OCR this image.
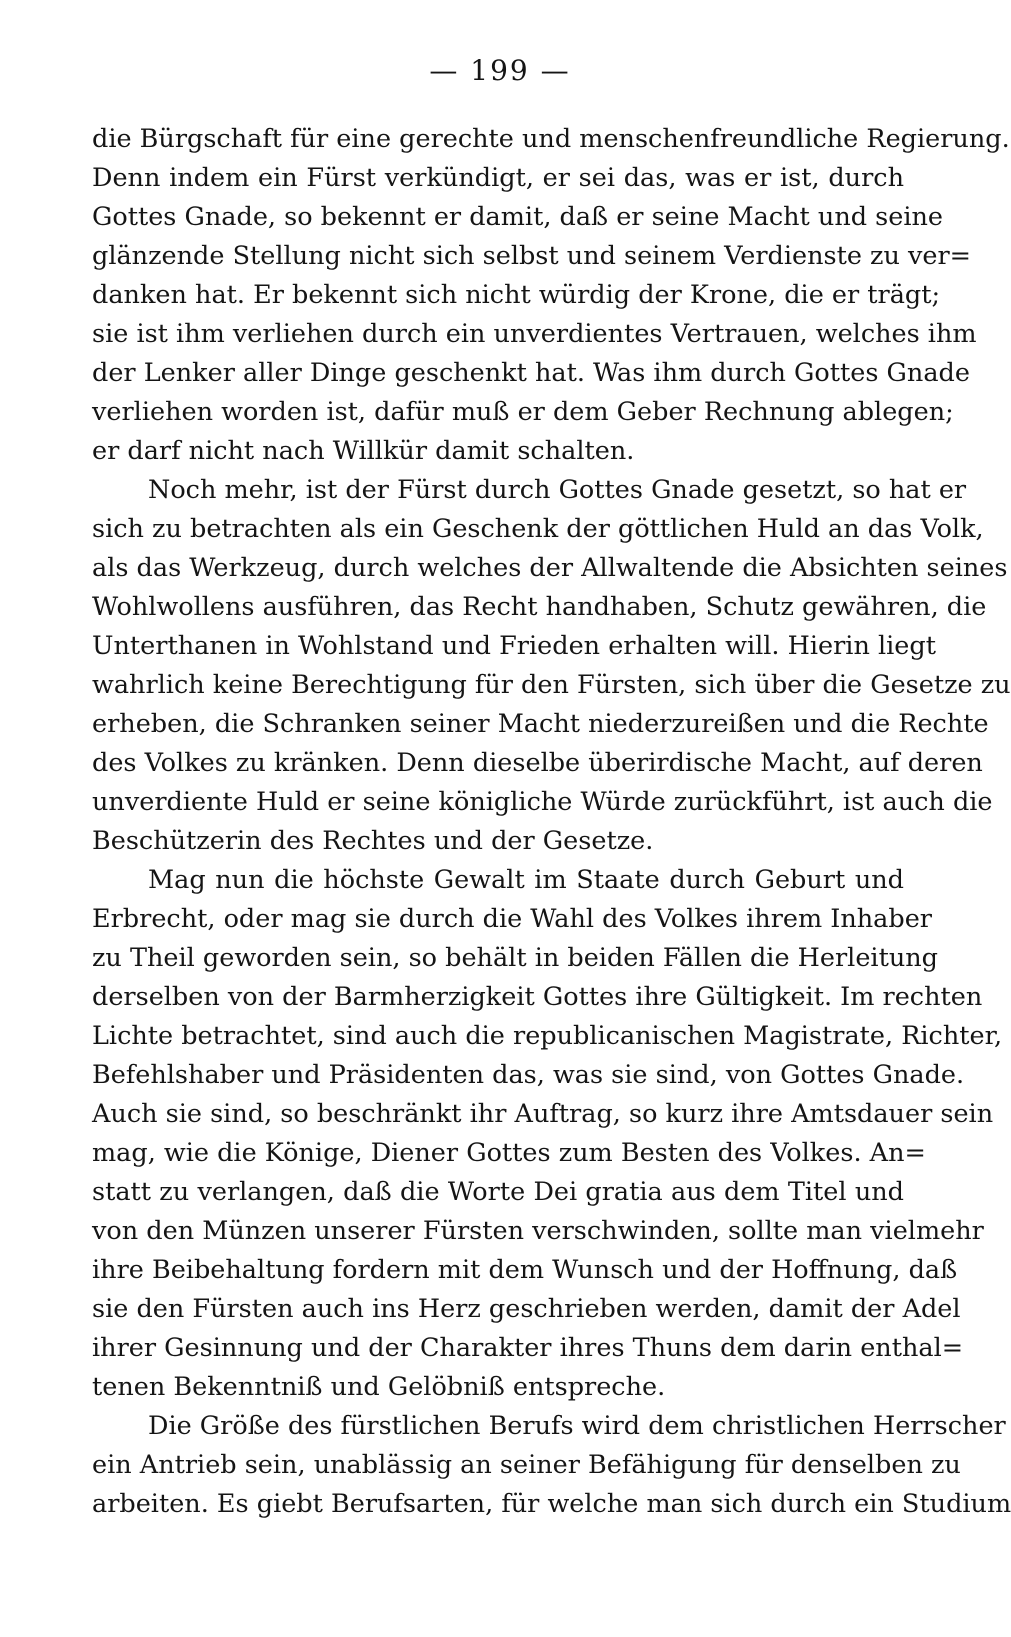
— 199 —
die Bürgschaft für eine gerechte und menschenfreundliche Regierung.
Denn indem ein Fürst verkündigt, er sei das, was er ist, durch
Gottes Gnade, so bekennt er damit, daß er seine Macht und seine
glänzende Stellung nicht sich selbst und seinem Verdienste zu ver=
danken hat. Er bekennt sich nicht würdig der Krone, die er trägt;
sie ist ihm verliehen durch ein unverdientes Vertrauen, welches ihm
der Lenker aller Dinge geschenkt hat. Was ihm durch Gottes Gnade
verliehen worden ist, dafür muß er dem Geber Rechnung ablegen;
er darf nicht nach Willkür damit schalten.
Noch mehr, ist der Fürst durch Gottes Gnade gesetzt, so hat er
sich zu betrachten als ein Geschenk der göttlichen Huld an das Volk,
als das Werkzeug, durch welches der Allwaltende die Absichten seines
Wohlwollens ausführen, das Recht handhaben, Schutz gewähren, die
Unterthanen in Wohlstand und Frieden erhalten will. Hierin liegt
wahrlich keine Berechtigung für den Fürsten, sich über die Gesetze zu
erheben, die Schranken seiner Macht niederzureißen und die Rechte
des Volkes zu kränken. Denn dieselbe überirdische Macht, auf deren
unverdiente Huld er seine königliche Würde zurückführt, ist auch die
Beschützerin des Rechtes und der Gesetze.
Mag nun die höchste Gewalt im Staate durch Geburt und
Erbrecht, oder mag sie durch die Wahl des Volkes ihrem Inhaber
zu Theil geworden sein, so behält in beiden Fällen die Herleitung
derselben von der Barmherzigkeit Gottes ihre Gültigkeit. Im rechten
Lichte betrachtet, sind auch die republicanischen Magistrate, Richter,
Befehlshaber und Präsidenten das, was sie sind, von Gottes Gnade.
Auch sie sind, so beschränkt ihr Auftrag, so kurz ihre Amtsdauer sein
mag, wie die Könige, Diener Gottes zum Besten des Volkes. An=
statt zu verlangen, daß die Worte Dei gratia aus dem Titel und
von den Münzen unserer Fürsten verschwinden, sollte man vielmehr
ihre Beibehaltung fordern mit dem Wunsch und der Hoffnung, daß
sie den Fürsten auch ins Herz geschrieben werden, damit der Adel
ihrer Gesinnung und der Charakter ihres Thuns dem darin enthal=
tenen Bekenntniß und Gelöbniß entspreche.
Die Größe des fürstlichen Berufs wird dem christlichen Herrscher
ein Antrieb sein, unablässig an seiner Befähigung für denselben zu
arbeiten. Es giebt Berufsarten, für welche man sich durch ein Studium
